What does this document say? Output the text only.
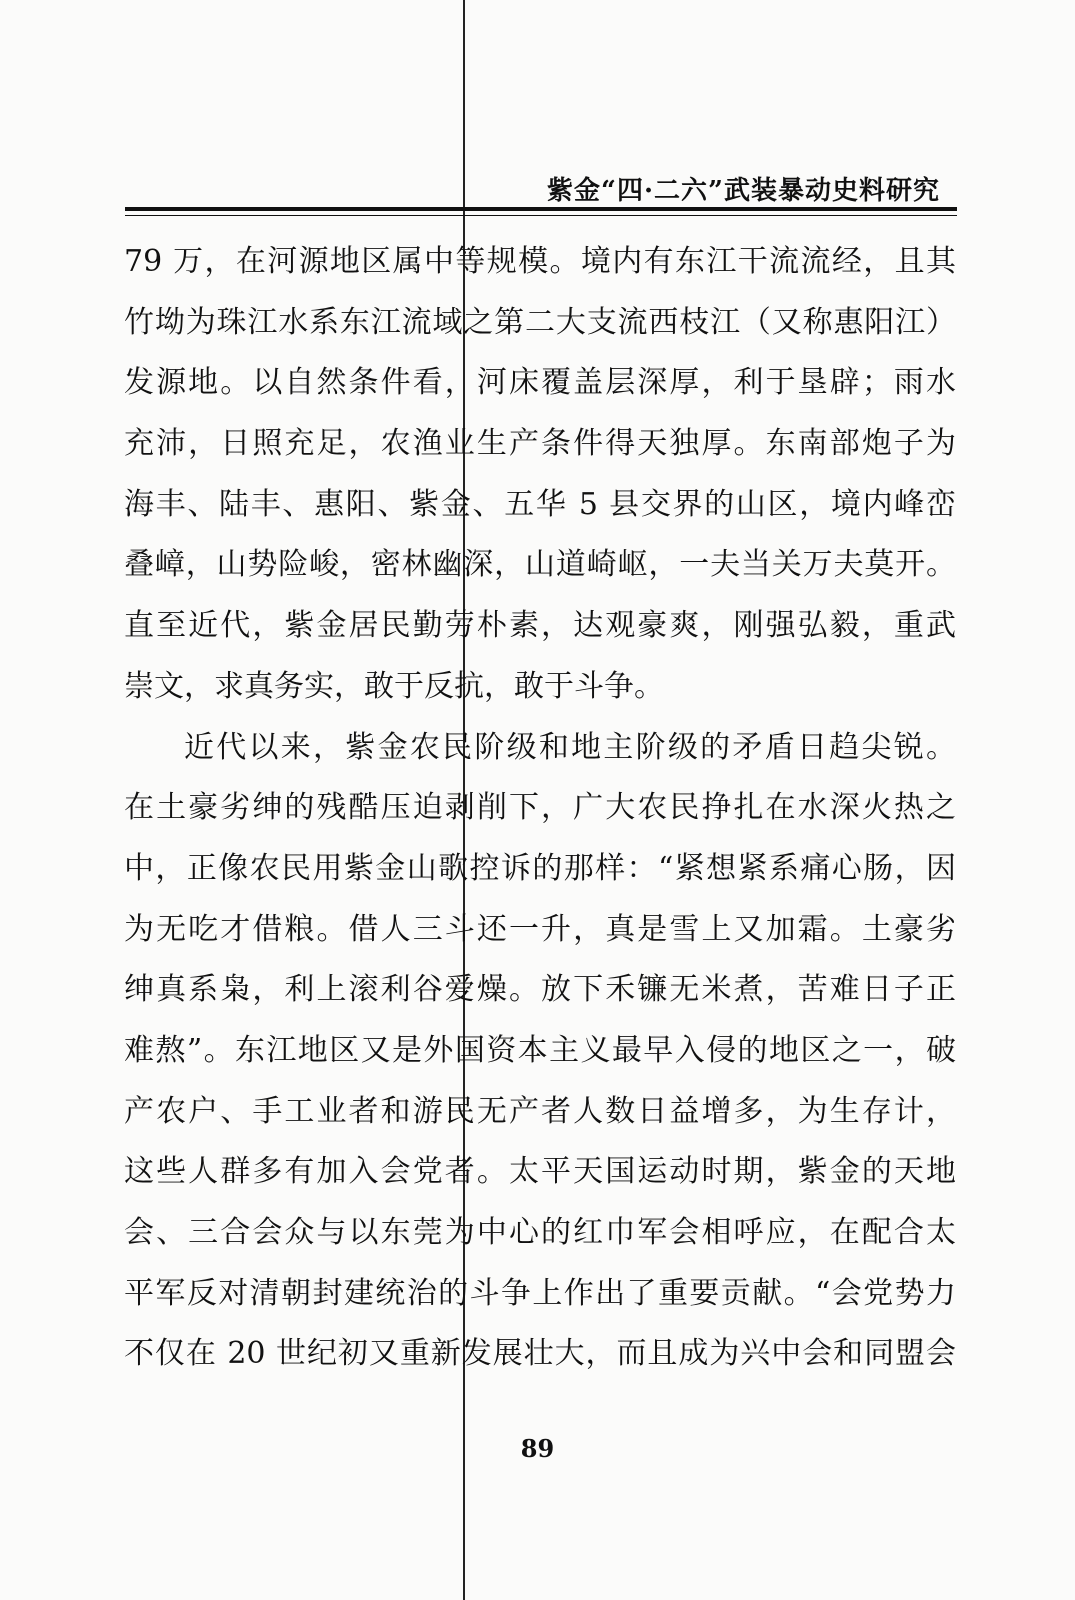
紫金“四·二六”武装暴动史料研究
79 万，在河源地区属中等规模。境内有东江干流流经，且其
竹坳为珠江水系东江流域之第二大支流西枝江（又称惠阳江）
发源地。以自然条件看，河床覆盖层深厚，利于垦辟；雨水
充沛，日照充足，农渔业生产条件得天独厚。东南部炮子为
海丰、陆丰、惠阳、紫金、五华 5 县交界的山区，境内峰峦
叠嶂，山势险峻，密林幽深，山道崎岖，一夫当关万夫莫开。
直至近代，紫金居民勤劳朴素，达观豪爽，刚强弘毅，重武
崇文，求真务实，敢于反抗，敢于斗争。
近代以来，紫金农民阶级和地主阶级的矛盾日趋尖锐。
在土豪劣绅的残酷压迫剥削下，广大农民挣扎在水深火热之
中，正像农民用紫金山歌控诉的那样：“紧想紧系痛心肠，因
为无吃才借粮。借人三斗还一升，真是雪上又加霜。土豪劣
绅真系枭，利上滚利谷爱燥。放下禾镰无米煮，苦难日子正
难熬”。东江地区又是外国资本主义最早入侵的地区之一，破
产农户、手工业者和游民无产者人数日益增多，为生存计，
这些人群多有加入会党者。太平天国运动时期，紫金的天地
会、三合会众与以东莞为中心的红巾军会相呼应，在配合太
平军反对清朝封建统治的斗争上作出了重要贡献。“会党势力
不仅在 20 世纪初又重新发展壮大，而且成为兴中会和同盟会
89
